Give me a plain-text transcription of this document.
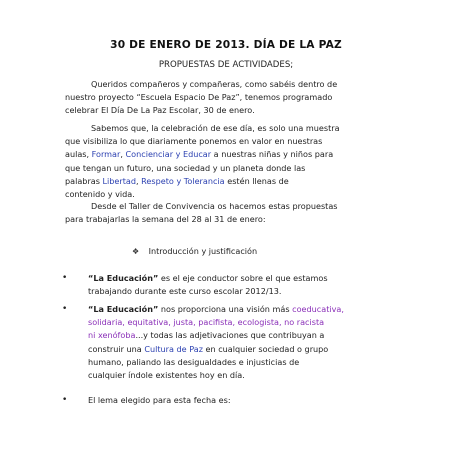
30 DE ENERO DE 2013. DÍA DE LA PAZ

PROPUESTAS DE ACTIVIDADES;

Queridos compañeros y compañeras, como sabéis dentro de
nuestro proyecto “Escuela Espacio De Paz”, tenemos programado
celebrar El Día De La Paz Escolar, 30 de enero.

Sabemos que, la celebración de ese día, es solo una muestra
que visibiliza lo que diariamente ponemos en valor en nuestras
aulas, Formar, Concienciar y Educar a nuestras niñas y niños para
que tengan un futuro, una sociedad y un planeta donde las
palabras Libertad, Respeto y Tolerancia estén llenas de
contenido y vida.

Desde el Taller de Convivencia os hacemos estas propuestas
para trabajarlas la semana del 28 al 31 de enero:

❖ Introducción y justificación
•	“La Educación” es el eje conductor sobre el que estamos
trabajando durante este curso escolar 2012/13.
•	“La Educación” nos proporciona una visión más coeducativa,
solidaria, equitativa, justa, pacifista, ecologista, no racista
ni xenófoba...y todas las adjetivaciones que contribuyan a
construir una Cultura de Paz en cualquier sociedad o grupo
humano, paliando las desigualdades e injusticias de
cualquier índole existentes hoy en día.
•	El lema elegido para esta fecha es:
